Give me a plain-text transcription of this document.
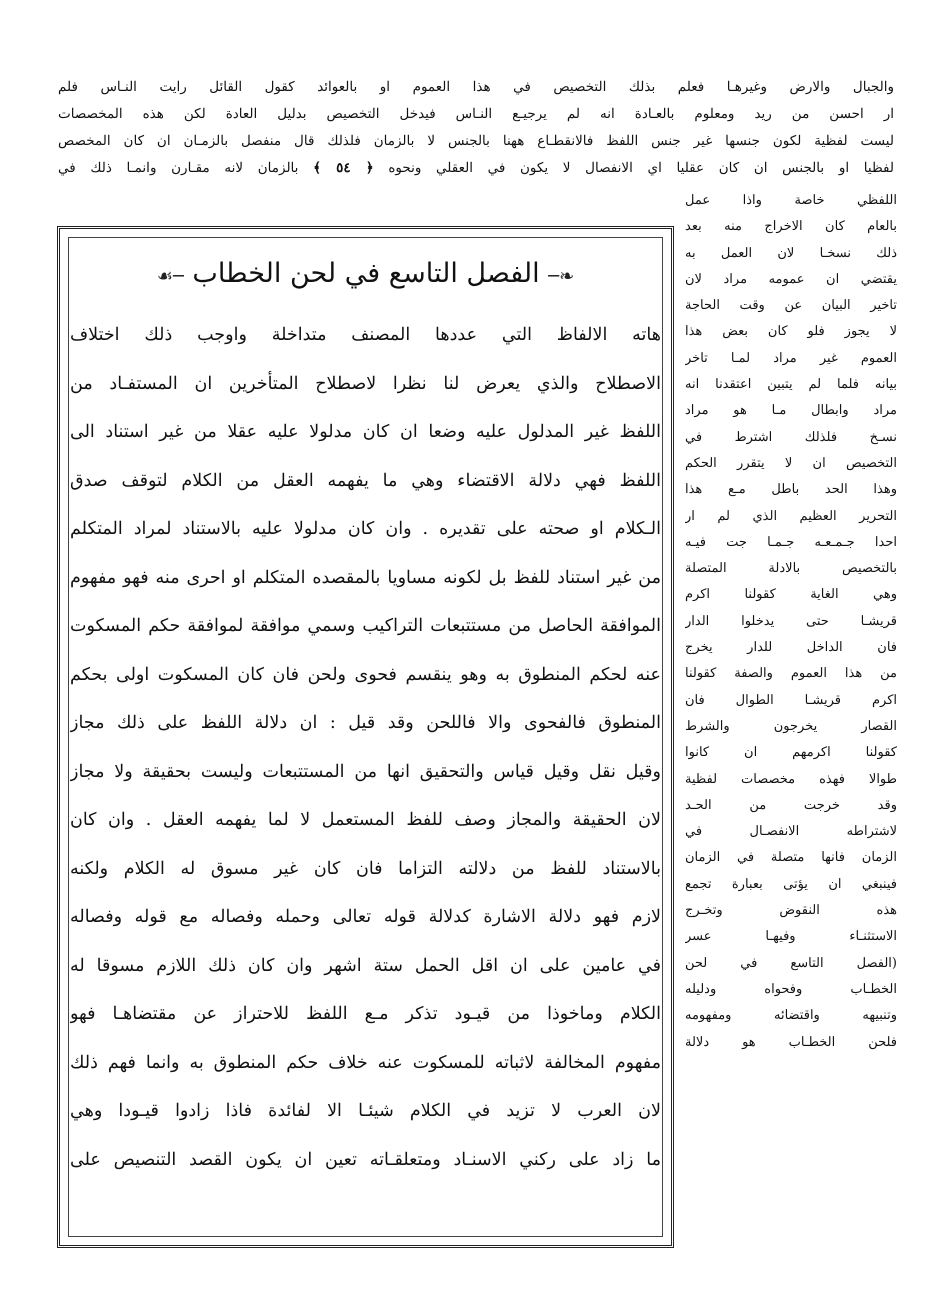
والجبال والارض وغيرهـا فعلم بذلك التخصيص في هذا العموم او بالعوائد كقول القائل رايت النـاس فلم
ار احسن من ريد ومعلوم بالعـادة انه لم يرجيـع النـاس فيدخل التخصيص بدليل العادة لكن هذه المخصصات
ليست لفظية لكون جنسها غير جنس اللفظ فالانقطـاع ههنا بالجنس لا بالزمان فلذلك قال منفصل بالزمـان ان كان المخصص
لفظيا او بالجنس ان كان عقليا اي الانفصال لا يكون في العقلي ونحوه ﴿ ٥٤ ﴾ بالزمان لانه مقـارن وانمـا ذلك في
اللفظي خاصة واذا عمل
بالعام كان الاخراج منه بعد
ذلك نسخـا لان العمل به
يقتضي ان عمومه مراد لان
تاخير البيان عن وقت الحاجة
لا يجوز فلو كان بعض هذا
العموم غير مراد لمـا تاخر
بيانه فلما لم يتبين اعتقدنا انه
مراد وابطال مـا هو مراد
نسـخ فلذلك اشترط في
التخصيص ان لا يتقرر الحكم
وهذا الحد باطل مـع هذا
التحرير العظيم الذي لم ار
احدا جـمـعـه جـمـا جت فيـه
بالتخصيص بالادلة المتصلة
وهي الغاية كقولنا اكرم
قريشـا حتى يدخلوا الدار
فان الداخل للدار يخرج
من هذا العموم والصفة كقولنا
اكرم قريشـا الطوال فان
القصار يخرجون والشرط
كقولنا اكرمهم ان كانوا
طوالا فهذه مخصصات لفظية
وقد خرجت من الحـد
لاشتراطه الانفصـال في
الزمان فانها متصلة في الزمان
فينبغي ان يؤتى بعبارة تجمع
هذه النقوض وتخـرج
الاستثنـاء وفيهـا عسر
(الفصل التاسع في لحن
الخطـاب وفحواه ودليله
وتنبيهه واقتضائه ومفهومه
فلحن الخطـاب هو دلالة
❧─ الفصل التاسع في لحن الخطاب ─☙
هاته الالفاظ التي عددها المصنف متداخلة واوجب ذلك اختلاف
الاصطلاح والذي يعرض لنا نظرا لاصطلاح المتأخرين ان المستفـاد من
اللفظ غير المدلول عليه وضعا ان كان مدلولا عليه عقلا من غير استناد الى
اللفظ فهي دلالة الاقتضاء وهي ما يفهمه العقل من الكلام لتوقف صدق
الـكلام او صحته على تقديره . وان كان مدلولا عليه بالاستناد لمراد المتكلم
من غير استناد للفظ بل لكونه مساويا بالمقصده المتكلم او احرى منه فهو مفهوم
الموافقة الحاصل من مستتبعات التراكيب وسمي موافقة لموافقة حكم المسكوت
عنه لحكم المنطوق به وهو ينقسم فحوى ولحن فان كان المسكوت اولى بحكم
المنطوق فالفحوى والا فاللحن وقد قيل : ان دلالة اللفظ على ذلك مجاز
وقيل نقل وقيل قياس والتحقيق انها من المستتبعات وليست بحقيقة ولا مجاز
لان الحقيقة والمجاز وصف للفظ المستعمل لا لما يفهمه العقل . وان كان
بالاستناد للفظ من دلالته التزاما فان كان غير مسوق له الكلام ولكنه
لازم فهو دلالة الاشارة كدلالة قوله تعالى وحمله وفصاله مع قوله وفصاله
في عامين على ان اقل الحمل ستة اشهر وان كان ذلك اللازم مسوقا له
الكلام وماخوذا من قيـود تذكر مـع اللفظ للاحتراز عن مقتضاهـا فهو
مفهوم المخالفة لاثباته للمسكوت عنه خلاف حكم المنطوق به وانما فهم ذلك
لان العرب لا تزيد في الكلام شيئـا الا لفائدة فاذا زادوا قيـودا وهي
ما زاد على ركني الاسنـاد ومتعلقـاته تعين ان يكون القصد التنصيص على
